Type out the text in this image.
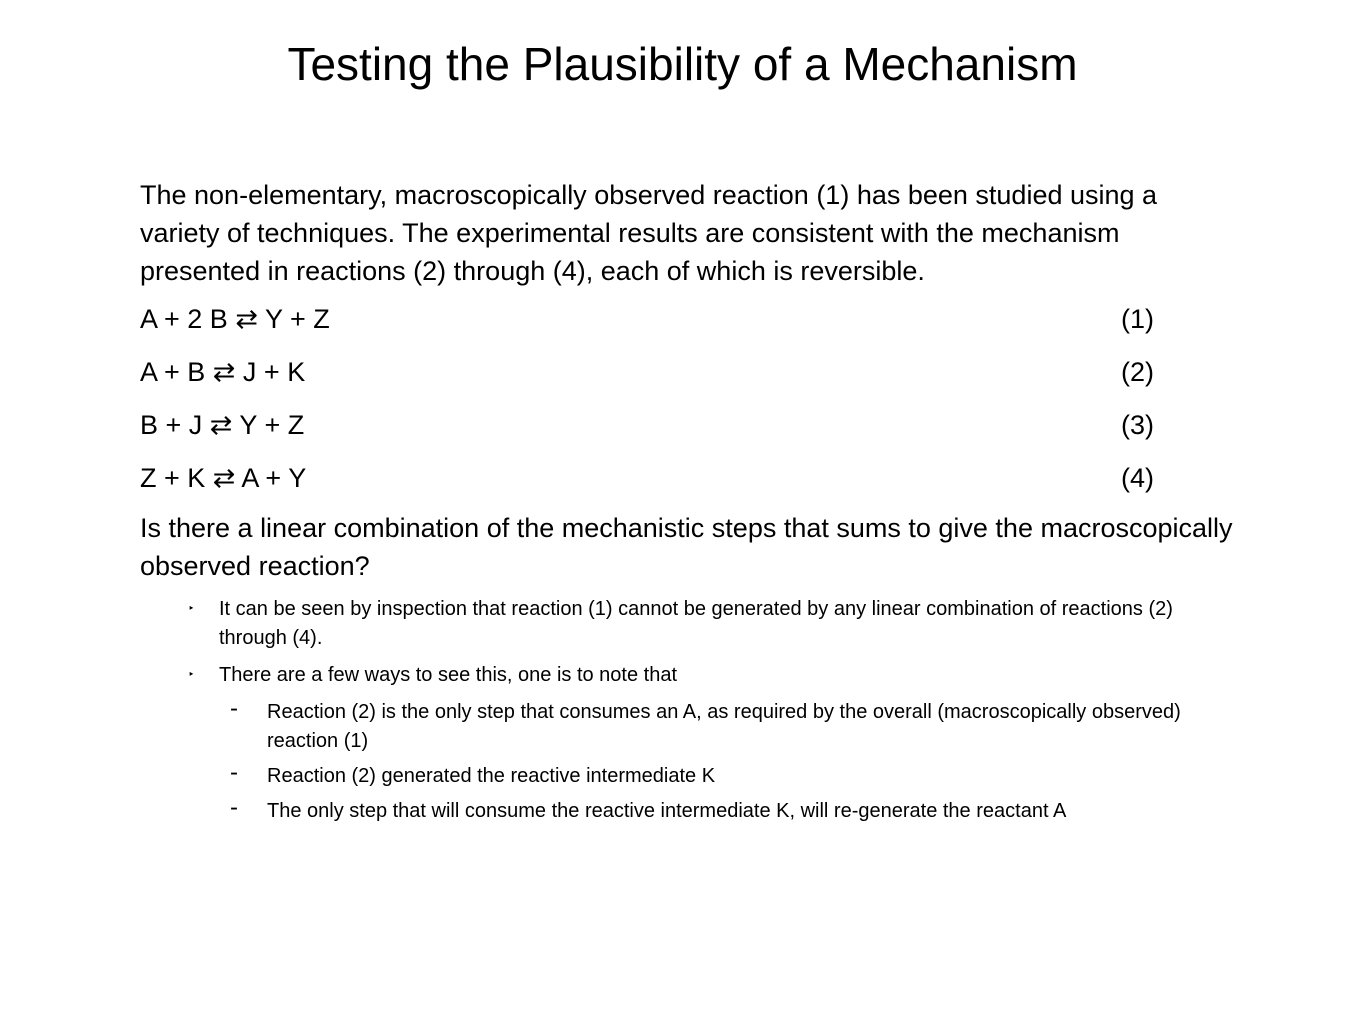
Testing the Plausibility of a Mechanism

The non-elementary, macroscopically observed reaction (1) has been studied using a variety of techniques. The experimental results are consistent with the mechanism presented in reactions (2) through (4), each of which is reversible.

A + 2 B ⇄ Y + Z	(1)
A + B ⇄ J + K	(2)
B + J ⇄ Y + Z	(3)
Z + K ⇄ A + Y	(4)

Is there a linear combination of the mechanistic steps that sums to give the macroscopically observed reaction?

‣ It can be seen by inspection that reaction (1) cannot be generated by any linear combination of reactions (2) through (4).
‣ There are a few ways to see this, one is to note that
- Reaction (2) is the only step that consumes an A, as required by the overall (macroscopically observed) reaction (1)
- Reaction (2) generated the reactive intermediate K
- The only step that will consume the reactive intermediate K, will re-generate the reactant A
